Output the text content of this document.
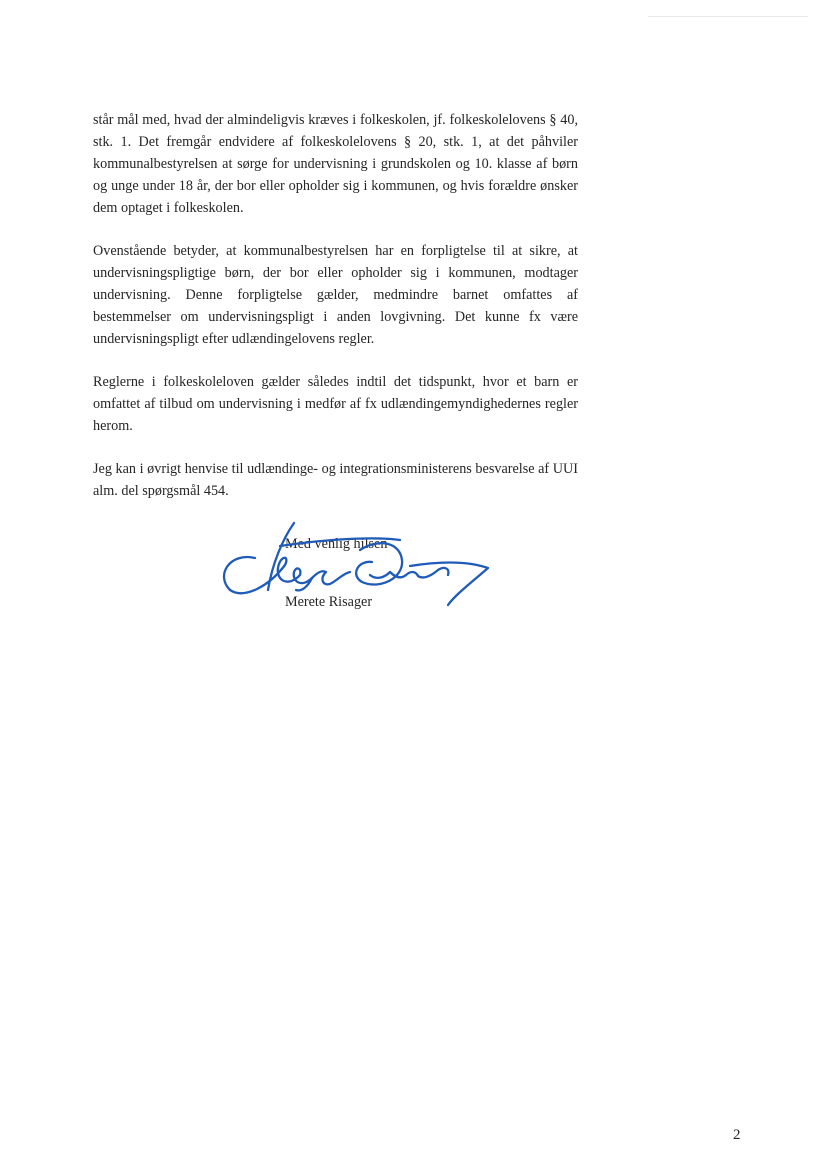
står mål med, hvad der almindeligvis kræves i folkeskolen, jf. folkeskolelovens § 40, stk. 1. Det fremgår endvidere af folkeskolelovens § 20, stk. 1, at det påhviler kommunalbestyrelsen at sørge for undervisning i grundskolen og 10. klasse af børn og unge under 18 år, der bor eller opholder sig i kommunen, og hvis forældre ønsker dem optaget i folkeskolen.

Ovenstående betyder, at kommunalbestyrelsen har en forpligtelse til at sikre, at undervisningspligtige børn, der bor eller opholder sig i kommunen, modtager undervisning. Denne forpligtelse gælder, medmindre barnet omfattes af bestemmelser om undervisningspligt i anden lovgivning. Det kunne fx være undervisningspligt efter udlændingelovens regler.

Reglerne i folkeskoleloven gælder således indtil det tidspunkt, hvor et barn er omfattet af tilbud om undervisning i medfør af fx udlændingemyndighedernes regler herom.

Jeg kan i øvrigt henvise til udlændinge- og integrationsministerens besvarelse af UUI alm. del spørgsmål 454.

Med venlig hilsen
Merete Risager
2
